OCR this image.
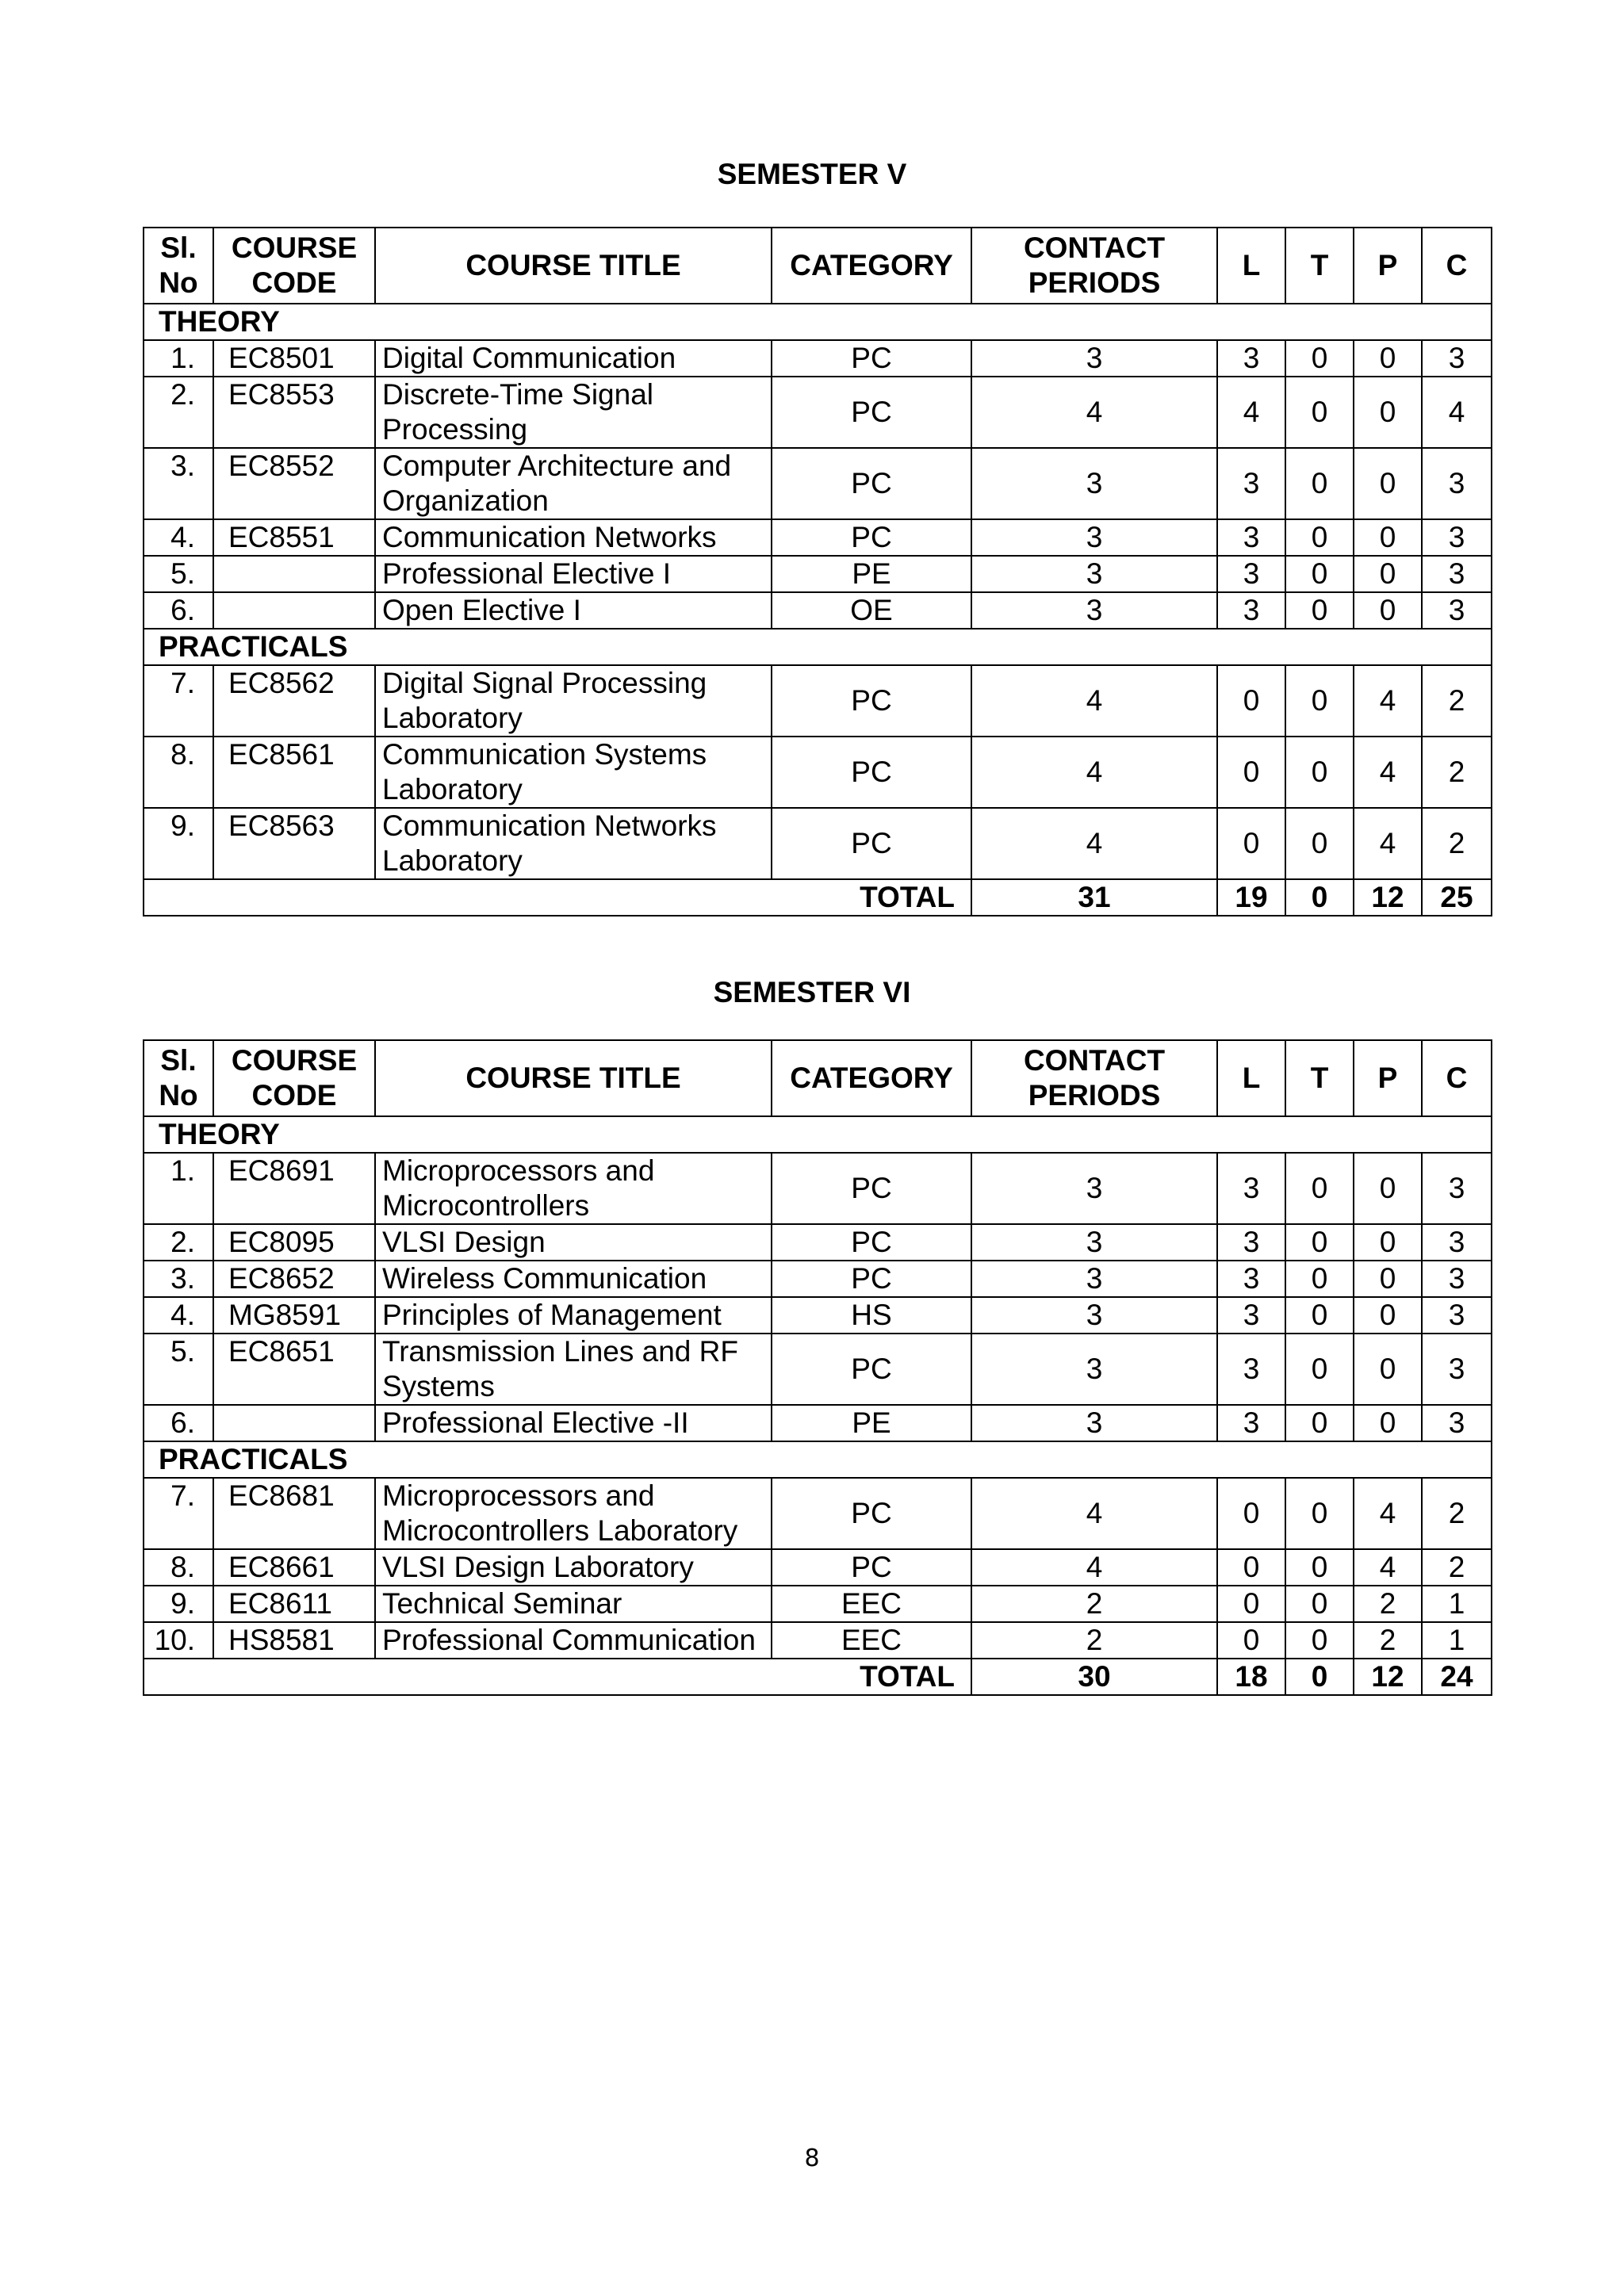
SEMESTER V
Sl. No	COURSE CODE	COURSE TITLE	CATEGORY	CONTACT PERIODS	L	T	P	C
THEORY								
1.	EC8501	Digital Communication	PC	3	3	0	0	3
2.	EC8553	Discrete-Time Signal Processing	PC	4	4	0	0	4
3.	EC8552	Computer Architecture and Organization	PC	3	3	0	0	3
4.	EC8551	Communication Networks	PC	3	3	0	0	3
5.		Professional Elective I	PE	3	3	0	0	3
6.		Open Elective I	OE	3	3	0	0	3
PRACTICALS								
7.	EC8562	Digital Signal Processing Laboratory	PC	4	0	0	4	2
8.	EC8561	Communication Systems Laboratory	PC	4	0	0	4	2
9.	EC8563	Communication Networks Laboratory	PC	4	0	0	4	2
TOTAL				31	19	0	12	25
SEMESTER VI
Sl. No	COURSE CODE	COURSE TITLE	CATEGORY	CONTACT PERIODS	L	T	P	C
THEORY								
1.	EC8691	Microprocessors and Microcontrollers	PC	3	3	0	0	3
2.	EC8095	VLSI Design	PC	3	3	0	0	3
3.	EC8652	Wireless Communication	PC	3	3	0	0	3
4.	MG8591	Principles of Management	HS	3	3	0	0	3
5.	EC8651	Transmission Lines and RF Systems	PC	3	3	0	0	3
6.		Professional Elective -II	PE	3	3	0	0	3
PRACTICALS								
7.	EC8681	Microprocessors and Microcontrollers Laboratory	PC	4	0	0	4	2
8.	EC8661	VLSI Design Laboratory	PC	4	0	0	4	2
9.	EC8611	Technical Seminar	EEC	2	0	0	2	1
10.	HS8581	Professional Communication	EEC	2	0	0	2	1
TOTAL				30	18	0	12	24
8
